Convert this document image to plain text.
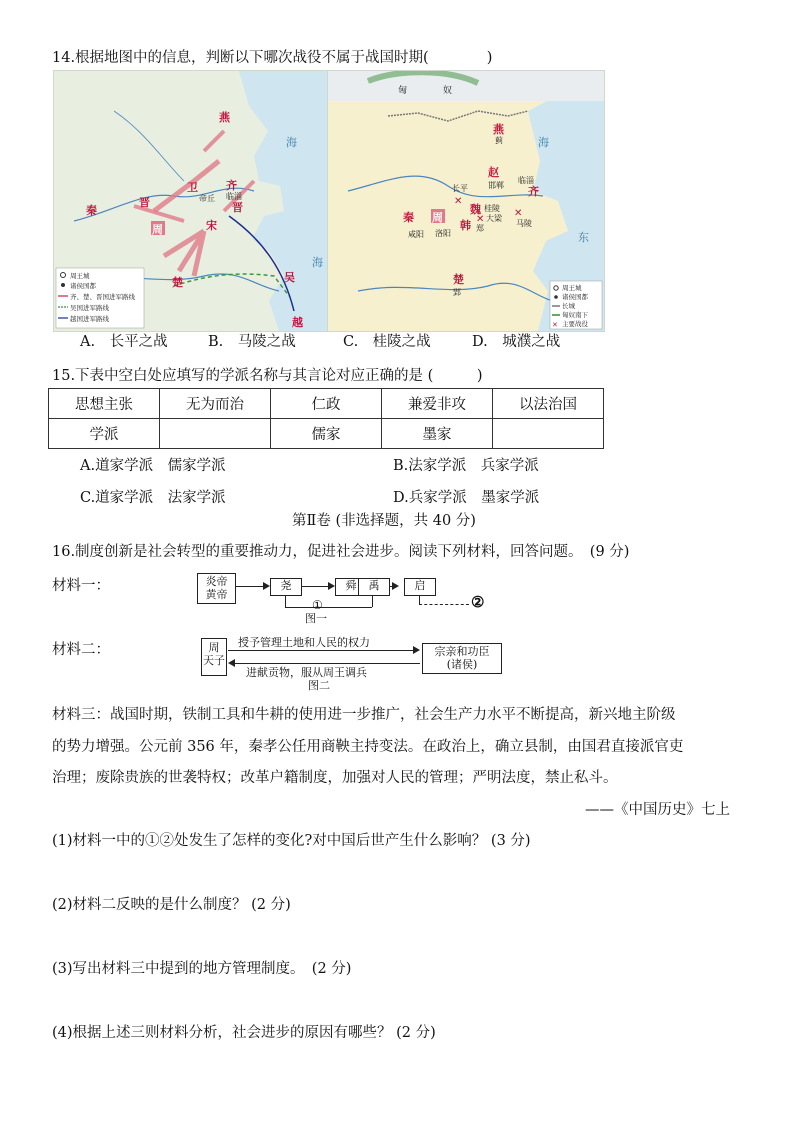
14.根据地图中的信息，判断以下哪次战役不属于战国时期(　　　　)
燕
齐
临淄
卫
帝丘
晋	晋
秦
周	宋
楚	吴
越
海
海
周王城
诸侯国都
齐、楚、晋国进军路线
吴国进军路线
越国进军路线
匈	奴
燕
蓟
赵
邯郸
临淄
齐
长平
秦
咸阳
周
洛阳
魏
韩 郑
桂陵
大梁
马陵
楚
郢
海
东
✕
✕
✕
周王城
诸侯国都
长城
匈奴南下
✕ 主要战役
A.　长平之战	B.　马陵之战	C.　桂陵之战	D.　城濮之战
15.下表中空白处应填写的学派名称与其言论对应正确的是 (　　　)
思想主张	无为而治	仁政	兼爱非攻	以法治国
学派		儒家	墨家	
A.道家学派　儒家学派	B.法家学派　兵家学派
C.道家学派　法家学派	D.兵家学派　墨家学派
第Ⅱ卷 (非选择题，共 40 分)
16.制度创新是社会转型的重要推动力，促进社会进步。阅读下列材料，回答问题。　(9 分)
材料一：	炎帝
黄帝
尧	舜	启
①	②
图一
禹
材料二：	周
天子
授予管理土地和人民的权力
进献贡物，服从周王调兵
宗亲和功臣
(诸侯)
图二
材料三：战国时期，铁制工具和牛耕的使用进一步推广，社会生产力水平不断提高，新兴地主阶级
的势力增强。公元前 356 年，秦孝公任用商鞅主持变法。在政治上，确立县制，由国君直接派官吏
治理；废除贵族的世袭特权；改革户籍制度，加强对人民的管理；严明法度，禁止私斗。
——《中国历史》七上
(1)材料一中的①②处发生了怎样的变化?对中国后世产生什么影响？ (3 分)
(2)材料二反映的是什么制度？ (2 分)
(3)写出材料三中提到的地方管理制度。　(2 分)
(4)根据上述三则材料分析，社会进步的原因有哪些？ (2 分)
